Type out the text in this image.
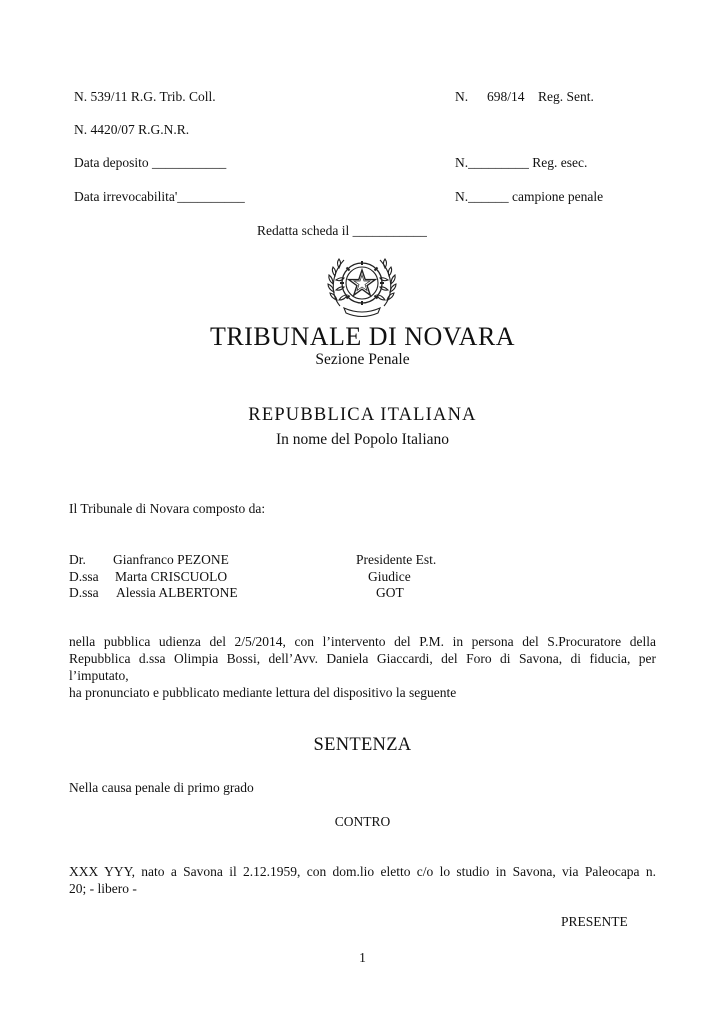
N. 539/11 R.G. Trib. Coll.	N. 698/14 Reg. Sent.
N. 4420/07 R.G.N.R.
Data deposito ___________	N._________ Reg. esec.
Data irrevocabilita'__________	N.______ campione penale
Redatta scheda il ___________
TRIBUNALE DI NOVARA
Sezione Penale
REPUBBLICA ITALIANA
In nome del Popolo Italiano
Il Tribunale di Novara composto da:
Dr. Gianfranco PEZONE	Presidente Est.
D.ssa Marta CRISCUOLO	Giudice
D.ssa Alessia ALBERTONE	GOT
nella pubblica udienza del 2/5/2014, con l’intervento del P.M. in persona del S.Procuratore della
Repubblica d.ssa Olimpia Bossi, dell’Avv. Daniela Giaccardi, del Foro di Savona, di fiducia, per
l’imputato,
ha pronunciato e pubblicato mediante lettura del dispositivo la seguente
SENTENZA
Nella causa penale di primo grado
CONTRO
XXX YYY, nato a Savona il 2.12.1959, con dom.lio eletto c/o lo studio in Savona, via Paleocapa n.
20; - libero -
PRESENTE
1
